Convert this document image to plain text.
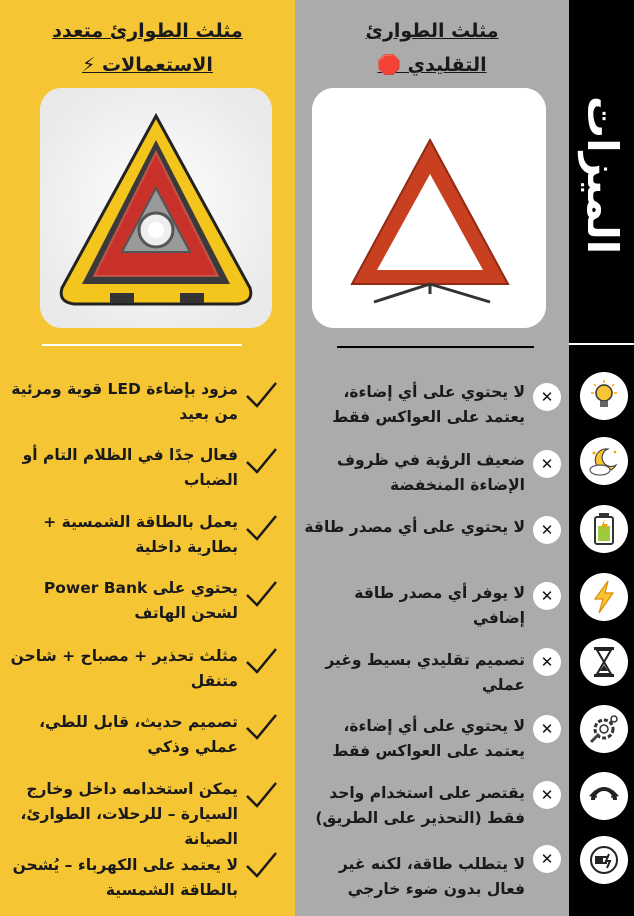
مثلث الطوارئ متعدد
الاستعمالات ⚡
مثلث الطوارئ
التقليدي 🛑
الميزات
مزود بإضاءة LED قوية ومرئية من بعيد
فعال جدًا في الظلام التام أو الضباب
يعمل بالطاقة الشمسية + بطارية داخلية
يحتوي على Power Bank لشحن الهاتف
مثلث تحذير + مصباح + شاحن متنقل
تصميم حديث، قابل للطي، عملي وذكي
يمكن استخدامه داخل وخارج السيارة – للرحلات، الطوارئ، الصيانة
لا يعتمد على الكهرباء – يُشحن بالطاقة الشمسية
لا يحتوي على أي إضاءة، يعتمد على العواكس فقط
ضعيف الرؤية في ظروف الإضاءة المنخفضة
لا يحتوي على أي مصدر طاقة
لا يوفر أي مصدر طاقة إضافي
تصميم تقليدي بسيط وغير عملي
لا يحتوي على أي إضاءة، يعتمد على العواكس فقط
يقتصر على استخدام واحد فقط (التحذير على الطريق)
لا يتطلب طاقة، لكنه غير فعال بدون ضوء خارجي
✕
✕
✕
✕
✕
✕
✕
✕
